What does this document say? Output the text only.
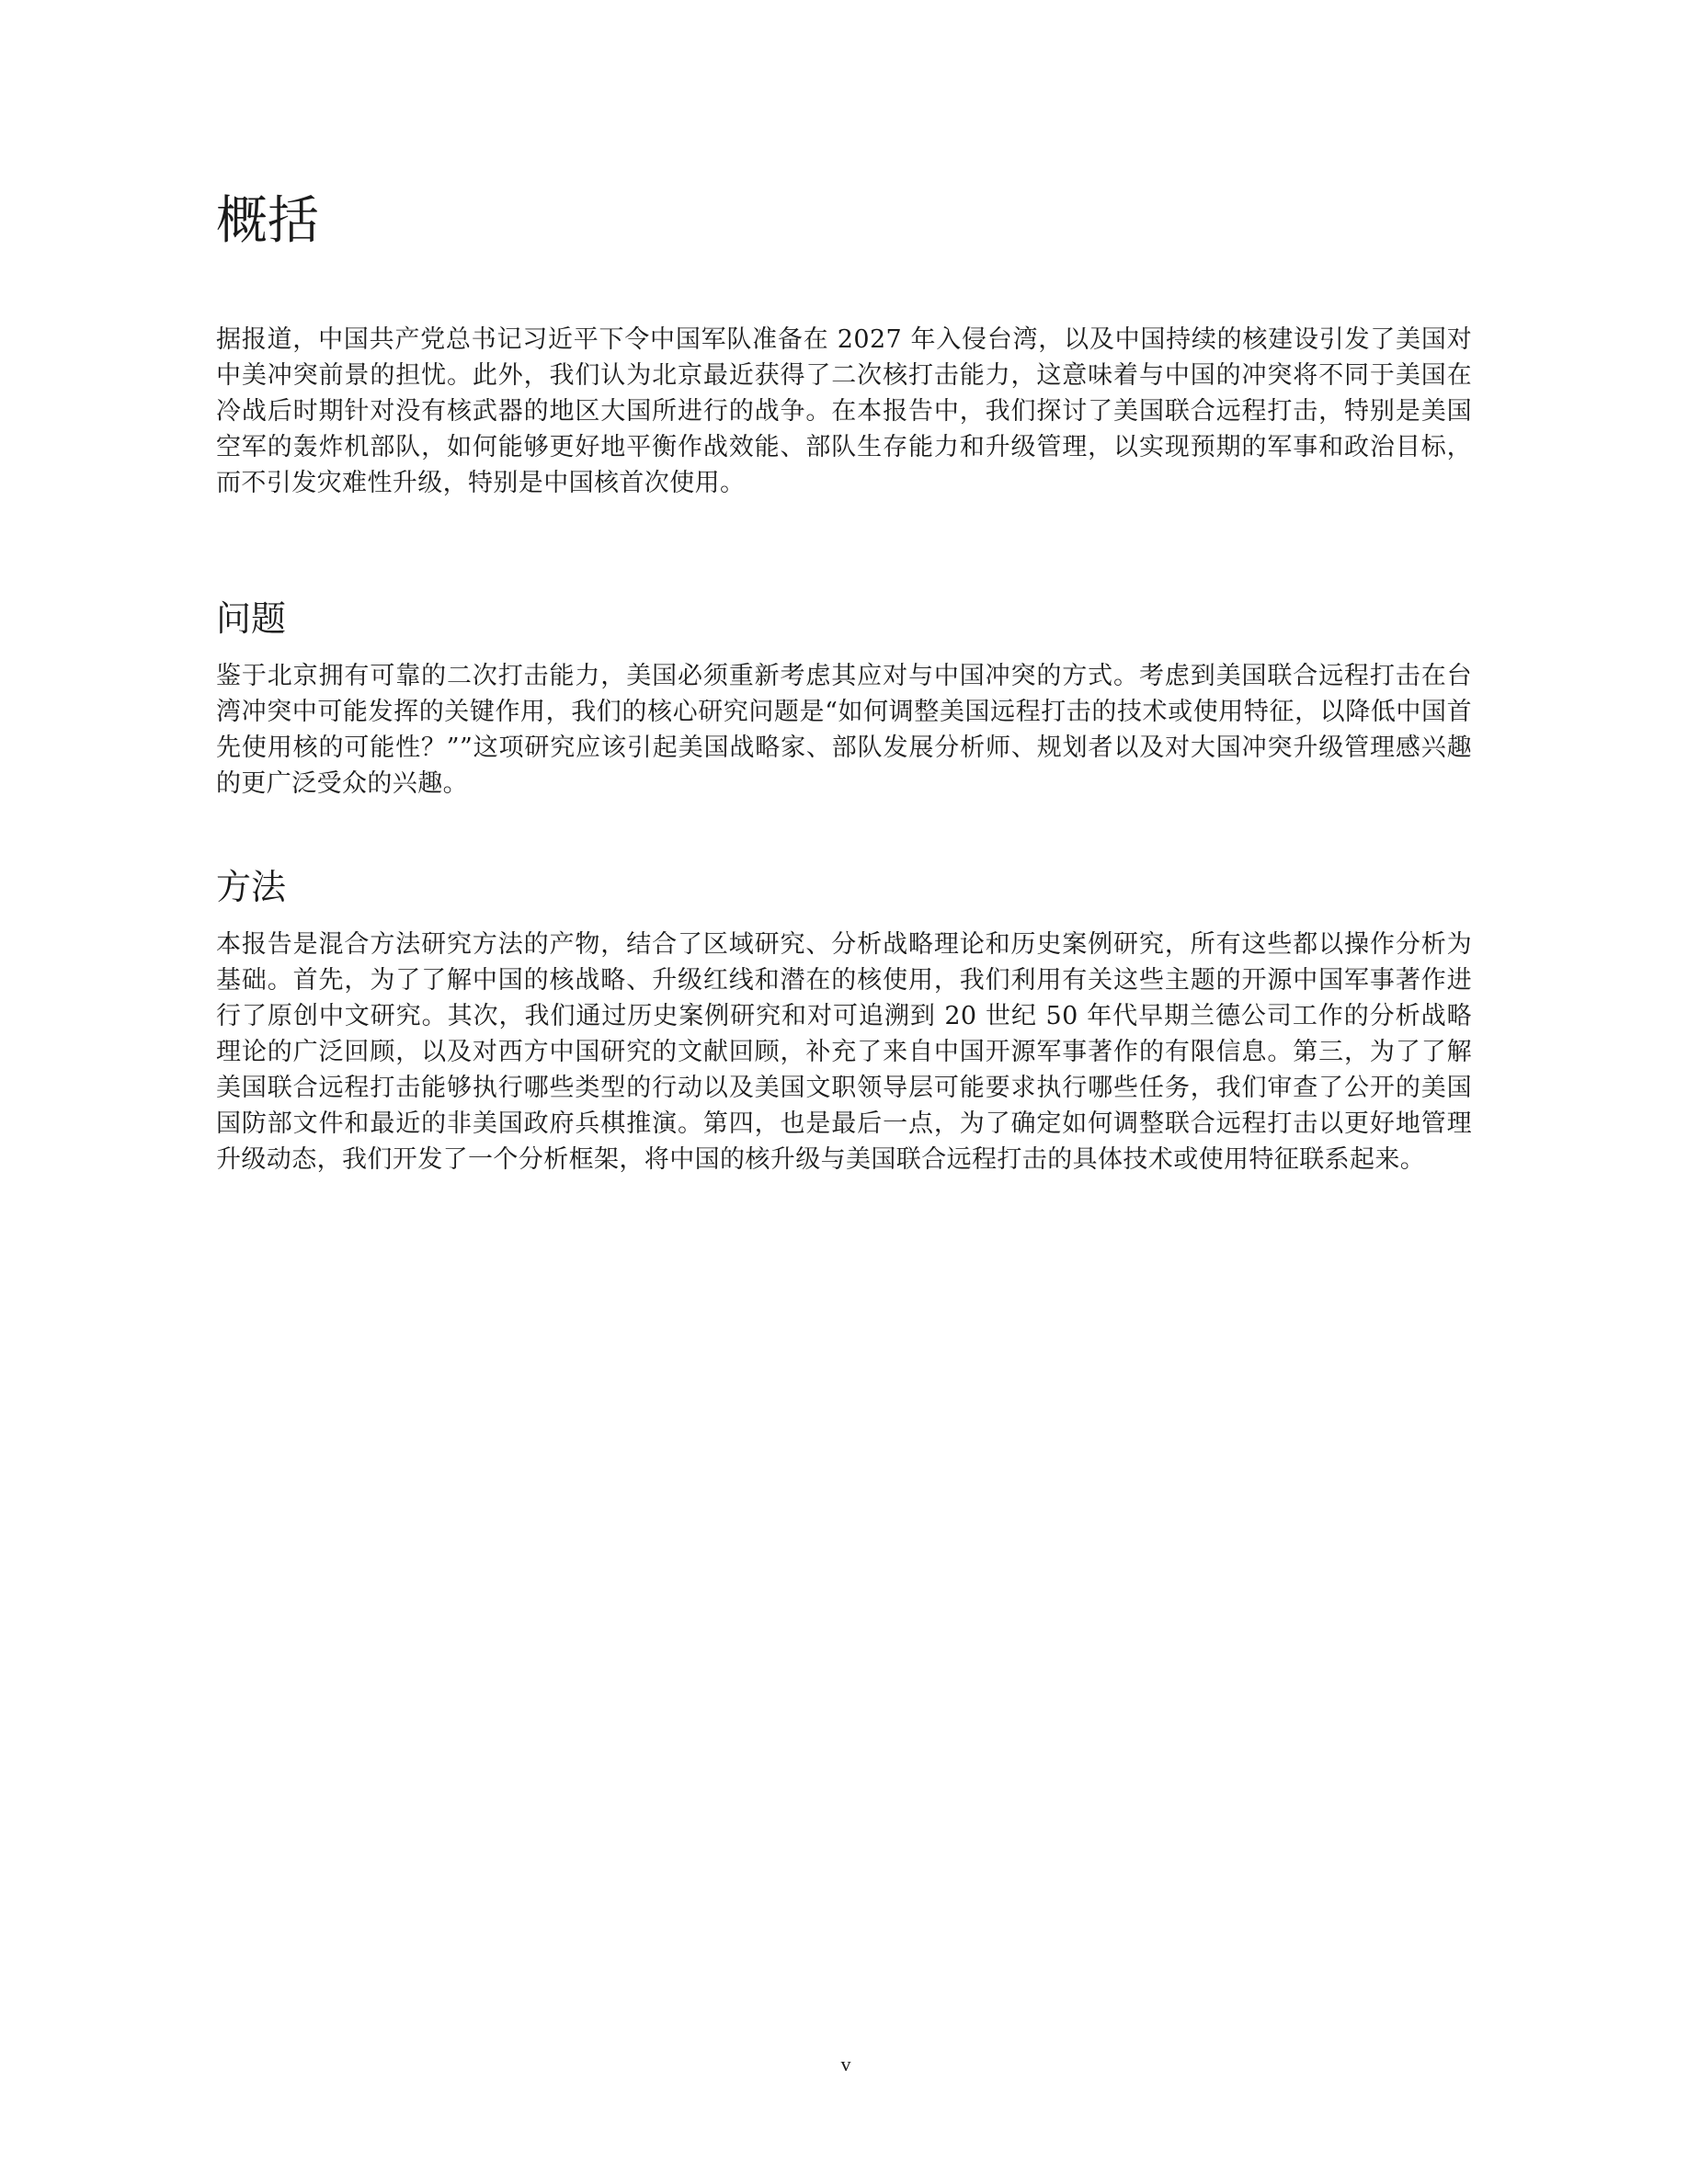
概括

据报道，中国共产党总书记习近平下令中国军队准备在 2027 年入侵台湾，以及中国持续的核建设引发了美国对中美冲突前景的担忧。此外，我们认为北京最近获得了二次核打击能力，这意味着与中国的冲突将不同于美国在冷战后时期针对没有核武器的地区大国所进行的战争。在本报告中，我们探讨了美国联合远程打击，特别是美国空军的轰炸机部队，如何能够更好地平衡作战效能、部队生存能力和升级管理，以实现预期的军事和政治目标，而不引发灾难性升级，特别是中国核首次使用。

问题

鉴于北京拥有可靠的二次打击能力，美国必须重新考虑其应对与中国冲突的方式。考虑到美国联合远程打击在台湾冲突中可能发挥的关键作用，我们的核心研究问题是“如何调整美国远程打击的技术或使用特征，以降低中国首先使用核的可能性？””这项研究应该引起美国战略家、部队发展分析师、规划者以及对大国冲突升级管理感兴趣的更广泛受众的兴趣。

方法

本报告是混合方法研究方法的产物，结合了区域研究、分析战略理论和历史案例研究，所有这些都以操作分析为基础。首先，为了了解中国的核战略、升级红线和潜在的核使用，我们利用有关这些主题的开源中国军事著作进行了原创中文研究。其次，我们通过历史案例研究和对可追溯到 20 世纪 50 年代早期兰德公司工作的分析战略理论的广泛回顾，以及对西方中国研究的文献回顾，补充了来自中国开源军事著作的有限信息。第三，为了了解美国联合远程打击能够执行哪些类型的行动以及美国文职领导层可能要求执行哪些任务，我们审查了公开的美国国防部文件和最近的非美国政府兵棋推演。第四，也是最后一点，为了确定如何调整联合远程打击以更好地管理升级动态，我们开发了一个分析框架，将中国的核升级与美国联合远程打击的具体技术或使用特征联系起来。

v
